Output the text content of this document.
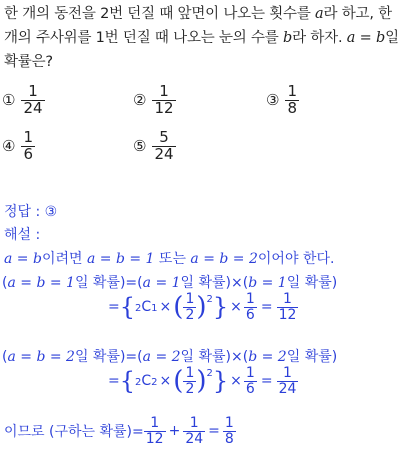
한 개의 동전을 2번 던질 때 앞면이 나오는 횟수를 a라 하고, 한
개의 주사위를 1번 던질 때 나오는 눈의 수를 b라 하자. a = b일
확률은?
① $\frac{1}{24}$	② $\frac{1}{12}$	③ $\frac{1}{8}$
④ $\frac{1}{6}$	⑤ $\frac{5}{24}$
정답 : ③
해설 :
a = b이려면 a = b = 1 또는 a = b = 2이어야 한다.
(a = b = 1일 확률)=(a = 1일 확률)×(b = 1일 확률)
= { 2 C 1 × ( $\frac{1}{2} )^2$ } × $\frac{1}{6} = \frac{1}{12}$
(a = b = 2일 확률)=(a = 2일 확률)×(b = 2일 확률)
= { 2 C 2 × ( $\frac{1}{2} )^2$ } × $\frac{1}{6} = \frac{1}{24}$
이므로 (구하는 확률)= $\frac{1}{12} + \frac{1}{24} = \frac{1}{8}$
